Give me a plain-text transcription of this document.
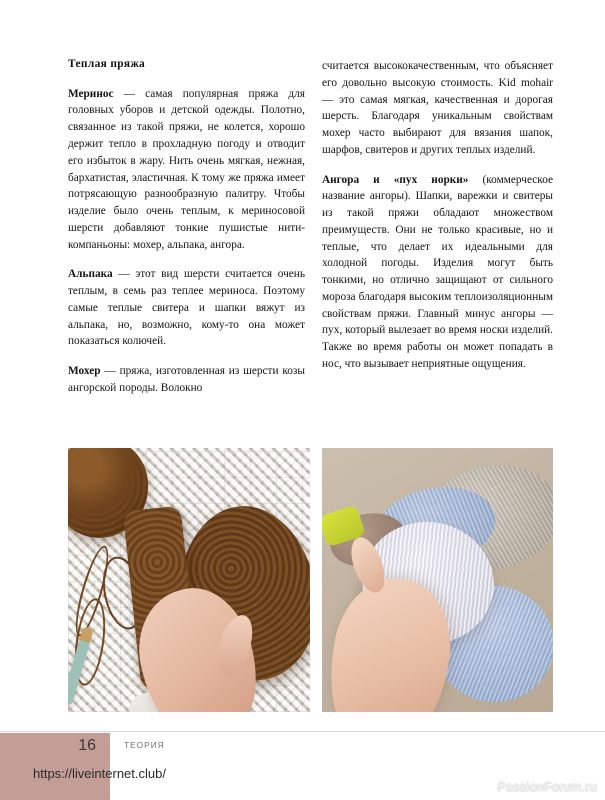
Теплая пряжа

Меринос — самая популярная пряжа для головных уборов и детской одежды. Полотно, связанное из такой пряжи, не колется, хорошо держит тепло в прохладную погоду и отводит его избыток в жару. Нить очень мягкая, нежная, бархатистая, эластичная. К тому же пряжа имеет потрясающую разнообразную палитру. Чтобы изделие было очень теплым, к мериносовой шерсти добавляют тонкие пушистые нити-компаньоны: мохер, альпака, ангора.

Альпака — этот вид шерсти считается очень теплым, в семь раз теплее мериноса. Поэтому самые теплые свитера и шапки вяжут из альпака, но, возможно, кому-то она может показаться колючей.

Мохер — пряжа, изготовленная из шерсти козы ангорской породы. Волокно

считается высококачественным, что объясняет его довольно высокую стоимость. Kid mohair — это самая мягкая, качественная и дорогая шерсть. Благодаря уникальным свойствам мохер часто выбирают для вязания шапок, шарфов, свитеров и других теплых изделий.

Ангора и «пух норки» (коммерческое название ангоры). Шапки, варежки и свитеры из такой пряжи обладают множеством преимуществ. Они не только красивые, но и теплые, что делает их идеальными для холодной погоды. Изделия могут быть тонкими, но отлично защищают от сильного мороза благодаря высоким теплоизоляционным свойствам пряжи. Главный минус ангоры — пух, который вылезает во время носки изделий. Также во время работы он может попадать в нос, что вызывает неприятные ощущения.

16	ТЕОРИЯ
https://liveinternet.club/
PassionForum.ru
